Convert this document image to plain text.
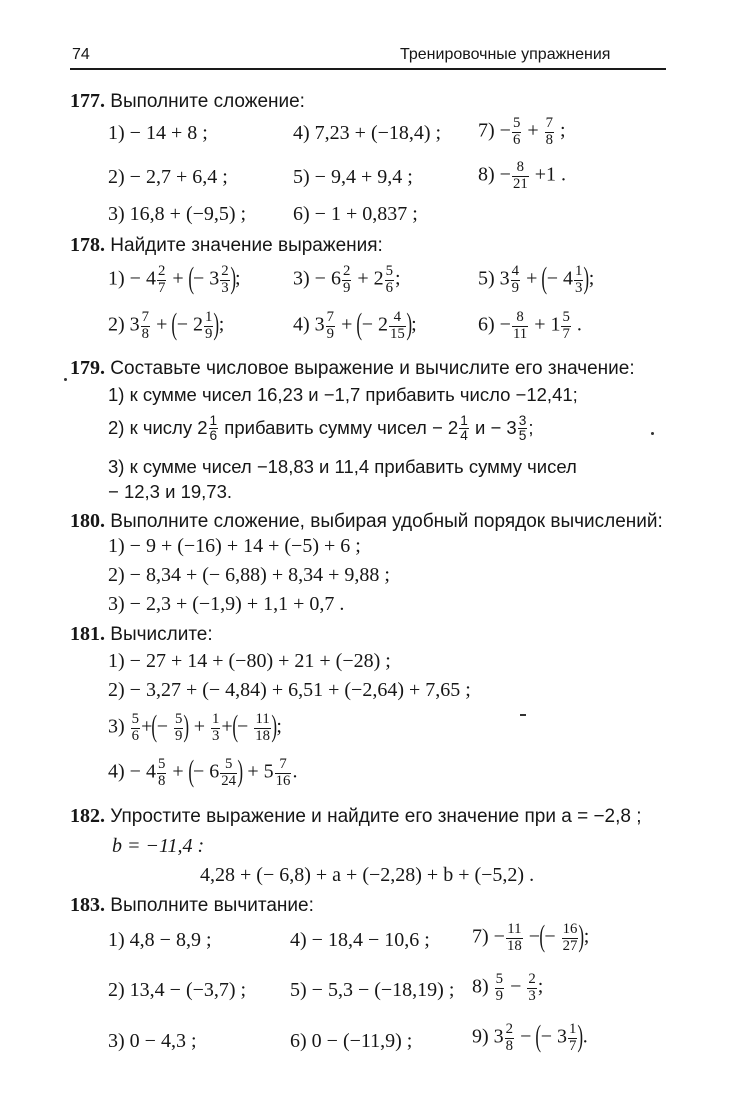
74	Тренировочные упражнения
177. Выполните сложение:
1) − 14 + 8 ;	4) 7,23 + (−18,4) ; $7) - \frac{5}{6} + \frac{7}{8}$ ;
2) − 2,7 + 6,4 ;	5) − 9,4 + 9,4 ;	$8) - \frac{8}{21} +1$ .
3) 16,8 + (−9,5) ; 6) − 1 + 0,837 ;
178. Найдите значение выражения:
$1) - 4 \frac{2}{7}$ + (− $3 \frac{2}{3}$ );	$3) - 6 \frac{2}{9} + 2 \frac{5}{6}$ ;	5) $3 \frac{4}{9}$ + (− $4 \frac{1}{3}$ );
2) $3 \frac{7}{8}$ + (− $2 \frac{1}{9}$ );	4) $3 \frac{7}{9}$ + (− $2 \frac{4}{15}$ );	$6) - \frac{8}{11} + 1 \frac{5}{7}$ .
179. Составьте числовое выражение и вычислите его значение:
1) к сумме чисел 16,23 и −1,7 прибавить число −12,41;
2) к числу $2 \frac{1}{6}$ прибавить сумму чисел − $2 \frac{1}{4}$ $и - 3 \frac{3}{5}$ ;
3) к сумме чисел −18,83 и 11,4 прибавить сумму чисел
− 12,3 и 19,73.
180. Выполните сложение, выбирая удобный порядок вычислений:
1) − 9 + (−16) + 14 + (−5) + 6 ;
2) − 8,34 + (− 6,88) + 8,34 + 9,88 ;
3) − 2,3 + (−1,9) + 1,1 + 0,7 .
181. Вычислите:
1) − 27 + 14 + (−80) + 21 + (−28) ;
2) − 3,27 + (− 4,84) + 6,51 + (−2,64) + 7,65 ;
$3) \frac{5}{6}$ +(− $\frac{5}{9}$ ) + $\frac{1}{3}$ +(− $\frac{11}{18}$ );
$4) - 4 \frac{5}{8}$ + (− $6 \frac{5}{24}$ ) + $5 \frac{7}{16}$ .
182. Упростите выражение и найдите его значение при a = −2,8 ;
b = −11,4 :
4,28 + (− 6,8) + a + (−2,28) + b + (−5,2) .
183. Выполните вычитание:
1) 4,8 − 8,9 ;	4) − 18,4 − 10,6 ; $7) - \frac{11}{18}$ −(− $\frac{16}{27}$ );
2) 13,4 − (−3,7) ; 5) − 5,3 − (−18,19) ; $8) \frac{5}{9} - \frac{2}{3}$ ;
3) 0 − 4,3 ;	6) 0 − (−11,9) ;	9) $3 \frac{2}{8}$ − (− $3 \frac{1}{7}$ ).
